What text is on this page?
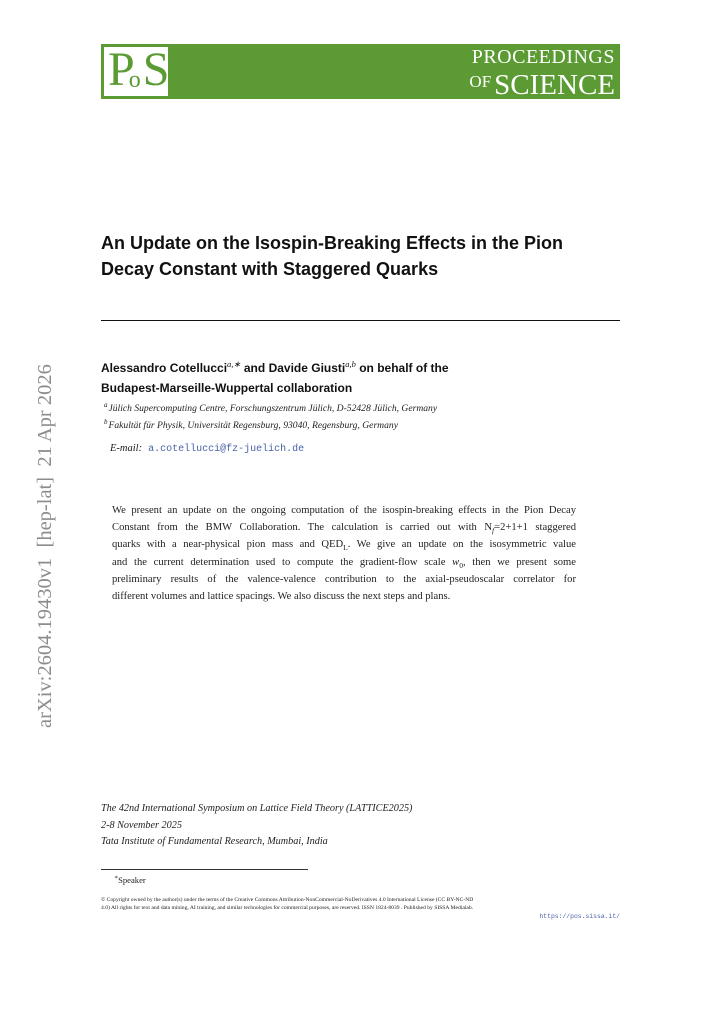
PoS	PROCEEDINGS
OF SCIENCE
arXiv:2604.19430v1  [hep-lat]  21 Apr 2026
An Update on the Isospin-Breaking Effects in the Pion
Decay Constant with Staggered Quarks
Alessandro Cotellucci$^{a,∗}$ and Davide Giusti$^{a,b}$ on behalf of the
Budapest-Marseille-Wuppertal collaboration
$^a$Jülich Supercomputing Centre, Forschungszentrum Jülich, D-52428 Jülich, Germany
$^b$Fakultät für Physik, Universität Regensburg, 93040, Regensburg, Germany
E-mail: a.cotellucci@fz-juelich.de
We present an update on the ongoing computation of the isospin-breaking effects in the Pion Decay
Constant from the BMW Collaboration. The calculation is carried out with $N_f=2+1+1$ staggered
quarks with a near-physical pion mass and $QED_L$. We give an update on the isosymmetric value
and the current determination used to compute the gradient-flow scale $w_0$, then we present some
preliminary results of the valence-valence contribution to the axial-pseudoscalar correlator for
different volumes and lattice spacings. We also discuss the next steps and plans.
The 42nd International Symposium on Lattice Field Theory (LATTICE2025)
2-8 November 2025
Tata Institute of Fundamental Research, Mumbai, India
∗Speaker
© Copyright owned by the author(s) under the terms of the Creative Commons Attribution-NonCommercial-NoDerivatives 4.0 International License (CC BY-NC-ND 4.0) All rights for text and data mining, AI training, and similar technologies for commercial purposes, are reserved. ISSN 1824-8039 . Published by SISSA Medialab.
https://pos.sissa.it/
